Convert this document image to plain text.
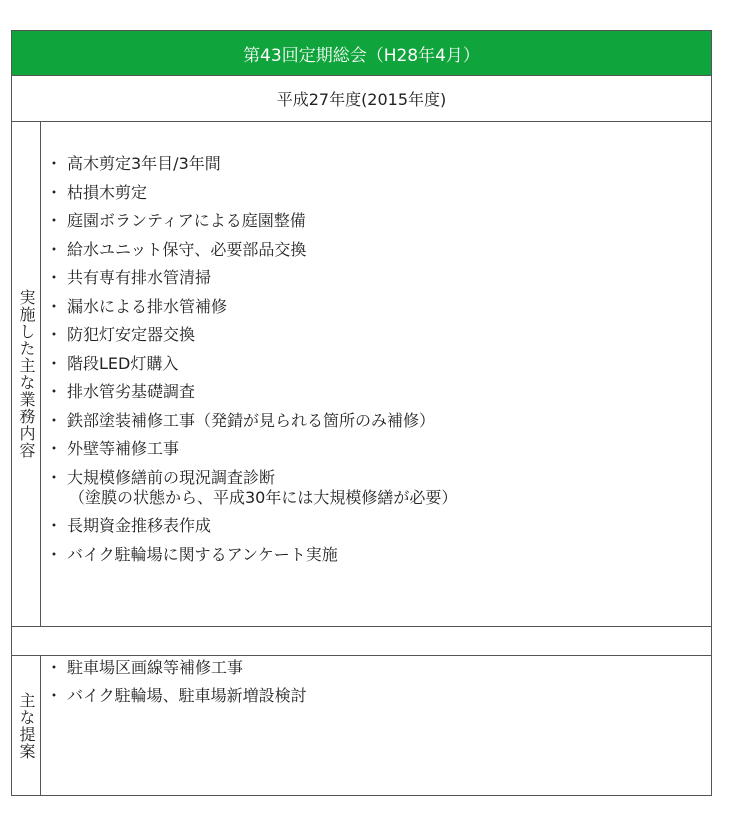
第43回定期総会（H28年4月）
平成27年度(2015年度)
実施した主な業務内容
・ 高木剪定3年目/3年間
・ 枯損木剪定
・ 庭園ボランティアによる庭園整備
・ 給水ユニット保守、必要部品交換
・ 共有専有排水管清掃
・ 漏水による排水管補修
・ 防犯灯安定器交換
・ 階段LED灯購入
・ 排水管劣基礎調査
・ 鉄部塗装補修工事（発錆が見られる箇所のみ補修）
・ 外壁等補修工事
・ 大規模修繕前の現況調査診断
（塗膜の状態から、平成30年には大規模修繕が必要）
・ 長期資金推移表作成
・ バイク駐輪場に関するアンケート実施
主な提案
・ 駐車場区画線等補修工事
・ バイク駐輪場、駐車場新増設検討
